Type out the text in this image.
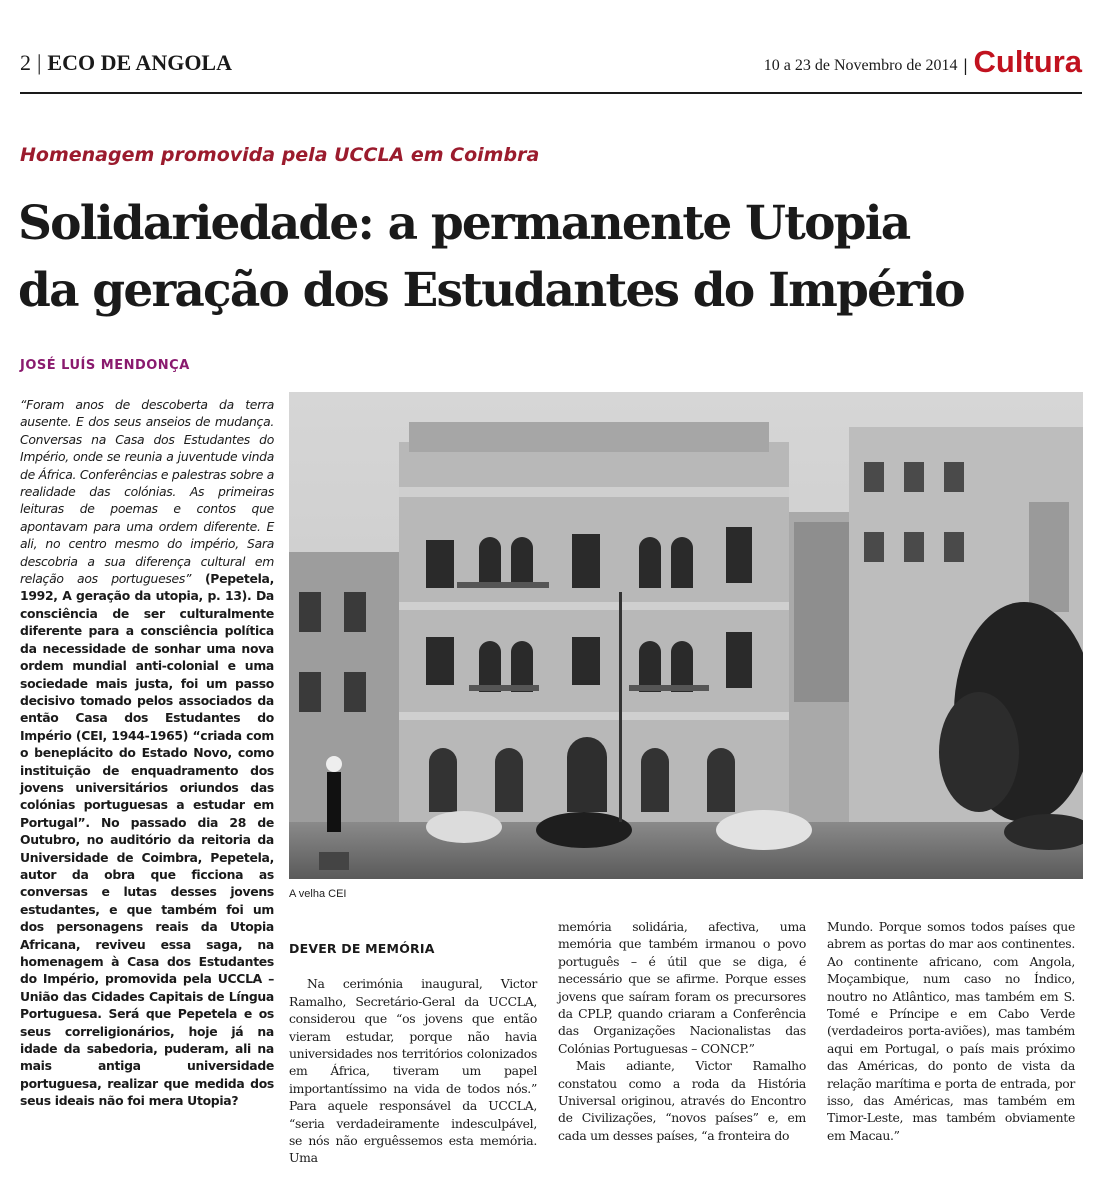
2 | ECO DE ANGOLA	10 a 23 de Novembro de 2014 | Cultura
Homenagem promovida pela UCCLA em Coimbra
Solidariedade: a permanente Utopia
da geração dos Estudantes do Império
JOSÉ LUÍS MENDONÇA
“Foram anos de descoberta da terra ausente. E dos seus anseios de mudança. Conversas na Casa dos Estudantes do Império, onde se reunia a juventude vinda de África. Conferências e palestras sobre a realidade das colónias. As primeiras leituras de poemas e contos que apontavam para uma ordem diferente. E ali, no centro mesmo do império, Sara descobria a sua diferença cultural em relação aos portugueses” (Pepetela, 1992, A geração da utopia, p. 13). Da consciência de ser culturalmente diferente para a consciência política da necessidade de sonhar uma nova ordem mundial anti-colonial e uma sociedade mais justa, foi um passo decisivo tomado pelos associados da então Casa dos Estudantes do Império (CEI, 1944-1965) “criada com o beneplácito do Estado Novo, como instituição de enquadramento dos jovens universitários oriundos das colónias portuguesas a estudar em Portugal”. No passado dia 28 de Outubro, no auditório da reitoria da Universidade de Coimbra, Pepetela, autor da obra que ficciona as conversas e lutas desses jovens estudantes, e que também foi um dos personagens reais da Utopia Africana, reviveu essa saga, na homenagem à Casa dos Estudantes do Império, promovida pela UCCLA – União das Cidades Capitais de Língua Portuguesa. Será que Pepetela e os seus correligionários, hoje já na idade da sabedoria, puderam, ali na mais antiga universidade portuguesa, realizar que medida dos seus ideais não foi mera Utopia?
A velha CEI
DEVER DE MEMÓRIA

Na cerimónia inaugural, Victor Ramalho, Secretário-Geral da UCCLA, considerou que “os jovens que então vieram estudar, porque não havia universidades nos territórios colonizados em África, tiveram um papel importantíssimo na vida de todos nós.” Para aquele responsável da UCCLA, “seria verdadeiramente indesculpável, se nós não erguêssemos esta memória. Uma

memória solidária, afectiva, uma memória que também irmanou o povo português – é útil que se diga, é necessário que se afirme. Porque esses jovens que saíram foram os precursores da CPLP, quando criaram a Conferência das Organizações Nacionalistas das Colónias Portuguesas – CONCP.”

Mais adiante, Victor Ramalho constatou como a roda da História Universal originou, através do Encontro de Civilizações, “novos países” e, em cada um desses países, “a fronteira do

Mundo. Porque somos todos países que abrem as portas do mar aos continentes. Ao continente africano, com Angola, Moçambique, num caso no Índico, noutro no Atlântico, mas também em S. Tomé e Príncipe e em Cabo Verde (verdadeiros porta-aviões), mas também aqui em Portugal, o país mais próximo das Américas, do ponto de vista da relação marítima e porta de entrada, por isso, das Américas, mas também em Timor-Leste, mas também obviamente em Macau.”
